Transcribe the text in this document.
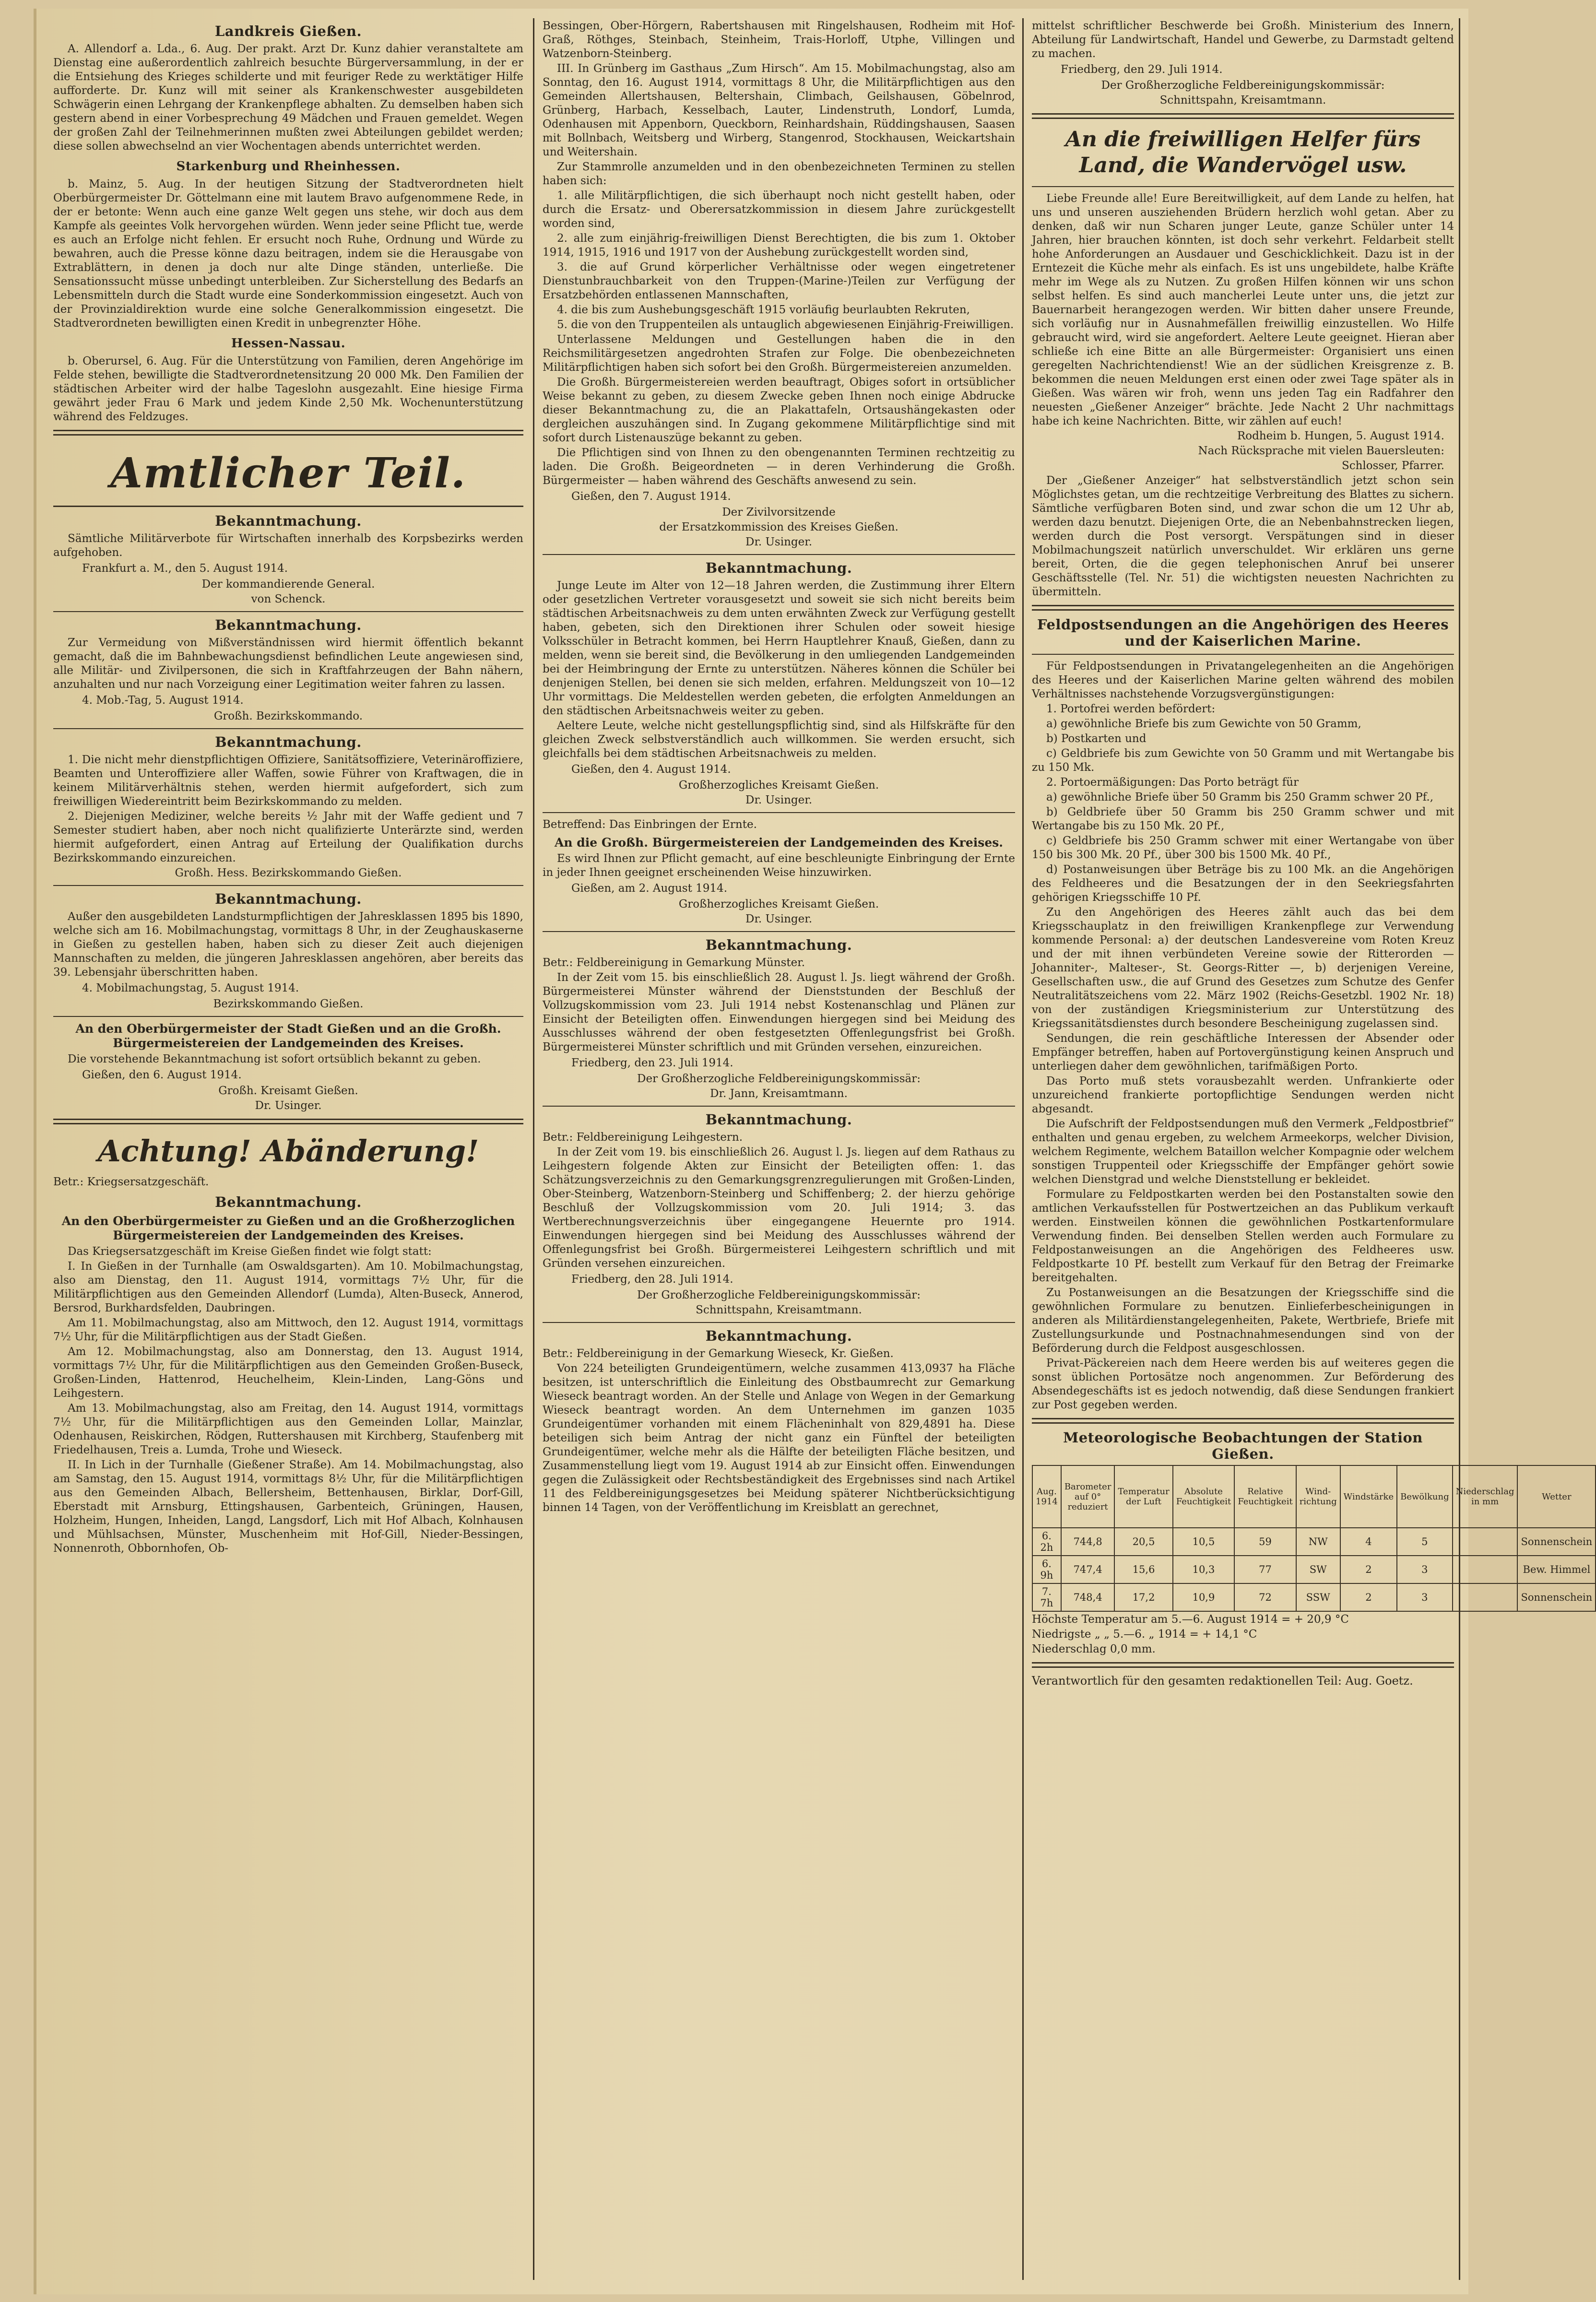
Landkreis Gießen.
A. Allendorf a. Lda., 6. Aug. Der prakt. Arzt Dr. Kunz dahier veranstaltete am Dienstag eine außerordentlich zahlreich besuchte Bürgerversammlung, in der er die Entsiehung des Krieges schilderte und mit feuriger Rede zu werktätiger Hilfe aufforderte. Dr. Kunz will mit seiner als Krankenschwester ausgebildeten Schwägerin einen Lehrgang der Krankenpflege abhalten. Zu demselben haben sich gestern abend in einer Vorbesprechung 49 Mädchen und Frauen gemeldet. Wegen der großen Zahl der Teilnehmerinnen mußten zwei Abteilungen gebildet werden; diese sollen abwechselnd an vier Wochentagen abends unterrichtet werden.
Starkenburg und Rheinhessen.
b. Mainz, 5. Aug. In der heutigen Sitzung der Stadtverordneten hielt Oberbürgermeister Dr. Göttelmann eine mit lautem Bravo aufgenommene Rede, in der er betonte: Wenn auch eine ganze Welt gegen uns stehe, wir doch aus dem Kampfe als geeintes Volk hervorgehen würden. Wenn jeder seine Pflicht tue, werde es auch an Erfolge nicht fehlen. Er ersucht noch Ruhe, Ordnung und Würde zu bewahren, auch die Presse könne dazu beitragen, indem sie die Herausgabe von Extrablättern, in denen ja doch nur alte Dinge ständen, unterließe. Die Sensationssucht müsse unbedingt unterbleiben. Zur Sicherstellung des Bedarfs an Lebensmitteln durch die Stadt wurde eine Sonderkommission eingesetzt. Auch von der Provinzialdirektion wurde eine solche Generalkommission eingesetzt. Die Stadtverordneten bewilligten einen Kredit in unbegrenzter Höhe.
Hessen-Nassau.
b. Oberursel, 6. Aug. Für die Unterstützung von Familien, deren Angehörige im Felde stehen, bewilligte die Stadtverordnetensitzung 20 000 Mk. Den Familien der städtischen Arbeiter wird der halbe Tageslohn ausgezahlt. Eine hiesige Firma gewährt jeder Frau 6 Mark und jedem Kinde 2,50 Mk. Wochenunterstützung während des Feldzuges.
Amtlicher Teil.
Bekanntmachung.
Sämtliche Militärverbote für Wirtschaften innerhalb des Korpsbezirks werden aufgehoben.
Frankfurt a. M., den 5. August 1914.
Der kommandierende General.
von Schenck.
Bekanntmachung.
Zur Vermeidung von Mißverständnissen wird hiermit öffentlich bekannt gemacht, daß die im Bahnbewachungsdienst befindlichen Leute angewiesen sind, alle Militär- und Zivilpersonen, die sich in Kraftfahrzeugen der Bahn nähern, anzuhalten und nur nach Vorzeigung einer Legitimation weiter fahren zu lassen.
4. Mob.-Tag, 5. August 1914.
Großh. Bezirkskommando.
Bekanntmachung.
1. Die nicht mehr dienstpflichtigen Offiziere, Sanitätsoffiziere, Veterinäroffiziere, Beamten und Unteroffiziere aller Waffen, sowie Führer von Kraftwagen, die in keinem Militärverhältnis stehen, werden hiermit aufgefordert, sich zum freiwilligen Wiedereintritt beim Bezirkskommando zu melden.
2. Diejenigen Mediziner, welche bereits ½ Jahr mit der Waffe gedient und 7 Semester studiert haben, aber noch nicht qualifizierte Unterärzte sind, werden hiermit aufgefordert, einen Antrag auf Erteilung der Qualifikation durchs Bezirkskommando einzureichen.
Großh. Hess. Bezirkskommando Gießen.
Bekanntmachung.
Außer den ausgebildeten Landsturmpflichtigen der Jahresklassen 1895 bis 1890, welche sich am 16. Mobilmachungstag, vormittags 8 Uhr, in der Zeughauskaserne in Gießen zu gestellen haben, haben sich zu dieser Zeit auch diejenigen Mannschaften zu melden, die jüngeren Jahresklassen angehören, aber bereits das 39. Lebensjahr überschritten haben.
4. Mobilmachungstag, 5. August 1914.
Bezirkskommando Gießen.
An den Oberbürgermeister der Stadt Gießen und an die Großh. Bürgermeistereien der Landgemeinden des Kreises.
Die vorstehende Bekanntmachung ist sofort ortsüblich bekannt zu geben.
Gießen, den 6. August 1914.
Großh. Kreisamt Gießen.
Dr. Usinger.
Achtung! Abänderung!
Betr.: Kriegsersatzgeschäft.
Bekanntmachung.
An den Oberbürgermeister zu Gießen und an die Großherzoglichen Bürgermeistereien der Landgemeinden des Kreises.
Das Kriegsersatzgeschäft im Kreise Gießen findet wie folgt statt:
I. In Gießen in der Turnhalle (am Oswaldsgarten). Am 10. Mobilmachungstag, also am Dienstag, den 11. August 1914, vormittags 7½ Uhr, für die Militärpflichtigen aus den Gemeinden Allendorf (Lumda), Alten-Buseck, Annerod, Bersrod, Burkhardsfelden, Daubringen.
Am 11. Mobilmachungstag, also am Mittwoch, den 12. August 1914, vormittags 7½ Uhr, für die Militärpflichtigen aus der Stadt Gießen.
Am 12. Mobilmachungstag, also am Donnerstag, den 13. August 1914, vormittags 7½ Uhr, für die Militärpflichtigen aus den Gemeinden Großen-Buseck, Großen-Linden, Hattenrod, Heuchelheim, Klein-Linden, Lang-Göns und Leihgestern.
Am 13. Mobilmachungstag, also am Freitag, den 14. August 1914, vormittags 7½ Uhr, für die Militärpflichtigen aus den Gemeinden Lollar, Mainzlar, Odenhausen, Reiskirchen, Rödgen, Ruttershausen mit Kirchberg, Staufenberg mit Friedelhausen, Treis a. Lumda, Trohe und Wieseck.
II. In Lich in der Turnhalle (Gießener Straße). Am 14. Mobilmachungstag, also am Samstag, den 15. August 1914, vormittags 8½ Uhr, für die Militärpflichtigen aus den Gemeinden Albach, Bellersheim, Bettenhausen, Birklar, Dorf-Gill, Eberstadt mit Arnsburg, Ettingshausen, Garbenteich, Grüningen, Hausen, Holzheim, Hungen, Inheiden, Langd, Langsdorf, Lich mit Hof Albach, Kolnhausen und Mühlsachsen, Münster, Muschenheim mit Hof-Gill, Nieder-Bessingen, Nonnenroth, Obbornhofen, Ob-
Bessingen, Ober-Hörgern, Rabertshausen mit Ringelshausen, Rodheim mit Hof-Graß, Röthges, Steinbach, Steinheim, Trais-Horloff, Utphe, Villingen und Watzenborn-Steinberg.
III. In Grünberg im Gasthaus „Zum Hirsch“. Am 15. Mobilmachungstag, also am Sonntag, den 16. August 1914, vormittags 8 Uhr, die Militärpflichtigen aus den Gemeinden Allertshausen, Beltershain, Climbach, Geilshausen, Göbelnrod, Grünberg, Harbach, Kesselbach, Lauter, Lindenstruth, Londorf, Lumda, Odenhausen mit Appenborn, Queckborn, Reinhardshain, Rüddingshausen, Saasen mit Bollnbach, Weitsberg und Wirberg, Stangenrod, Stockhausen, Weickartshain und Weitershain.
Zur Stammrolle anzumelden und in den obenbezeichneten Terminen zu stellen haben sich:
1. alle Militärpflichtigen, die sich überhaupt noch nicht gestellt haben, oder durch die Ersatz- und Oberersatzkommission in diesem Jahre zurückgestellt worden sind,
2. alle zum einjährig-freiwilligen Dienst Berechtigten, die bis zum 1. Oktober 1914, 1915, 1916 und 1917 von der Aushebung zurückgestellt worden sind,
3. die auf Grund körperlicher Verhältnisse oder wegen eingetretener Dienstunbrauchbarkeit von den Truppen-(Marine-)Teilen zur Verfügung der Ersatzbehörden entlassenen Mannschaften,
4. die bis zum Aushebungsgeschäft 1915 vorläufig beurlaubten Rekruten,
5. die von den Truppenteilen als untauglich abgewiesenen Einjährig-Freiwilligen.
Unterlassene Meldungen und Gestellungen haben die in den Reichsmilitärgesetzen angedrohten Strafen zur Folge. Die obenbezeichneten Militärpflichtigen haben sich sofort bei den Großh. Bürgermeistereien anzumelden.
Die Großh. Bürgermeistereien werden beauftragt, Obiges sofort in ortsüblicher Weise bekannt zu geben, zu diesem Zwecke geben Ihnen noch einige Abdrucke dieser Bekanntmachung zu, die an Plakattafeln, Ortsaushängekasten oder dergleichen auszuhängen sind. In Zugang gekommene Militärpflichtige sind mit sofort durch Listenauszüge bekannt zu geben.
Die Pflichtigen sind von Ihnen zu den obengenannten Terminen rechtzeitig zu laden. Die Großh. Beigeordneten — in deren Verhinderung die Großh. Bürgermeister — haben während des Geschäfts anwesend zu sein.
Gießen, den 7. August 1914.
Der Zivilvorsitzende
der Ersatzkommission des Kreises Gießen.
Dr. Usinger.
Bekanntmachung.
Junge Leute im Alter von 12—18 Jahren werden, die Zustimmung ihrer Eltern oder gesetzlichen Vertreter vorausgesetzt und soweit sie sich nicht bereits beim städtischen Arbeitsnachweis zu dem unten erwähnten Zweck zur Verfügung gestellt haben, gebeten, sich den Direktionen ihrer Schulen oder soweit hiesige Volksschüler in Betracht kommen, bei Herrn Hauptlehrer Knauß, Gießen, dann zu melden, wenn sie bereit sind, die Bevölkerung in den umliegenden Landgemeinden bei der Heimbringung der Ernte zu unterstützen. Näheres können die Schüler bei denjenigen Stellen, bei denen sie sich melden, erfahren. Meldungszeit von 10—12 Uhr vormittags. Die Meldestellen werden gebeten, die erfolgten Anmeldungen an den städtischen Arbeitsnachweis weiter zu geben.
Aeltere Leute, welche nicht gestellungspflichtig sind, sind als Hilfskräfte für den gleichen Zweck selbstverständlich auch willkommen. Sie werden ersucht, sich gleichfalls bei dem städtischen Arbeitsnachweis zu melden.
Gießen, den 4. August 1914.
Großherzogliches Kreisamt Gießen.
Dr. Usinger.
Betreffend: Das Einbringen der Ernte.
An die Großh. Bürgermeistereien der Landgemeinden des Kreises.
Es wird Ihnen zur Pflicht gemacht, auf eine beschleunigte Einbringung der Ernte in jeder Ihnen geeignet erscheinenden Weise hinzuwirken.
Gießen, am 2. August 1914.
Großherzogliches Kreisamt Gießen.
Dr. Usinger.
Bekanntmachung.
Betr.: Feldbereinigung in Gemarkung Münster.
In der Zeit vom 15. bis einschließlich 28. August l. Js. liegt während der Großh. Bürgermeisterei Münster während der Dienststunden der Beschluß der Vollzugskommission vom 23. Juli 1914 nebst Kostenanschlag und Plänen zur Einsicht der Beteiligten offen. Einwendungen hiergegen sind bei Meidung des Ausschlusses während der oben festgesetzten Offenlegungsfrist bei Großh. Bürgermeisterei Münster schriftlich und mit Gründen versehen, einzureichen.
Friedberg, den 23. Juli 1914.
Der Großherzogliche Feldbereinigungskommissär:
Dr. Jann, Kreisamtmann.
Bekanntmachung.
Betr.: Feldbereinigung Leihgestern.
In der Zeit vom 19. bis einschließlich 26. August l. Js. liegen auf dem Rathaus zu Leihgestern folgende Akten zur Einsicht der Beteiligten offen: 1. das Schätzungsverzeichnis zu den Gemarkungsgrenzregulierungen mit Großen-Linden, Ober-Steinberg, Watzenborn-Steinberg und Schiffenberg; 2. der hierzu gehörige Beschluß der Vollzugskommission vom 20. Juli 1914; 3. das Wertberechnungsverzeichnis über eingegangene Heuernte pro 1914. Einwendungen hiergegen sind bei Meidung des Ausschlusses während der Offenlegungsfrist bei Großh. Bürgermeisterei Leihgestern schriftlich und mit Gründen versehen einzureichen.
Friedberg, den 28. Juli 1914.
Der Großherzogliche Feldbereinigungskommissär:
Schnittspahn, Kreisamtmann.
Bekanntmachung.
Betr.: Feldbereinigung in der Gemarkung Wieseck, Kr. Gießen.
Von 224 beteiligten Grundeigentümern, welche zusammen 413,0937 ha Fläche besitzen, ist unterschriftlich die Einleitung des Obstbaumrecht zur Gemarkung Wieseck beantragt worden. An der Stelle und Anlage von Wegen in der Gemarkung Wieseck beantragt worden. An dem Unternehmen im ganzen 1035 Grundeigentümer vorhanden mit einem Flächeninhalt von 829,4891 ha. Diese beteiligen sich beim Antrag der nicht ganz ein Fünftel der beteiligten Grundeigentümer, welche mehr als die Hälfte der beteiligten Fläche besitzen, und Zusammenstellung liegt vom 19. August 1914 ab zur Einsicht offen. Einwendungen gegen die Zulässigkeit oder Rechtsbeständigkeit des Ergebnisses sind nach Artikel 11 des Feldbereinigungsgesetzes bei Meidung späterer Nichtberücksichtigung binnen 14 Tagen, von der Veröffentlichung im Kreisblatt an gerechnet,
mittelst schriftlicher Beschwerde bei Großh. Ministerium des Innern, Abteilung für Landwirtschaft, Handel und Gewerbe, zu Darmstadt geltend zu machen.
Friedberg, den 29. Juli 1914.
Der Großherzogliche Feldbereinigungskommissär:
Schnittspahn, Kreisamtmann.
An die freiwilligen Helfer fürs Land, die Wandervögel usw.
Liebe Freunde alle! Eure Bereitwilligkeit, auf dem Lande zu helfen, hat uns und unseren ausziehenden Brüdern herzlich wohl getan. Aber zu denken, daß wir nun Scharen junger Leute, ganze Schüler unter 14 Jahren, hier brauchen könnten, ist doch sehr verkehrt. Feldarbeit stellt hohe Anforderungen an Ausdauer und Geschicklichkeit. Dazu ist in der Erntezeit die Küche mehr als einfach. Es ist uns ungebildete, halbe Kräfte mehr im Wege als zu Nutzen. Zu großen Hilfen können wir uns schon selbst helfen. Es sind auch mancherlei Leute unter uns, die jetzt zur Bauernarbeit herangezogen werden. Wir bitten daher unsere Freunde, sich vorläufig nur in Ausnahmefällen freiwillig einzustellen. Wo Hilfe gebraucht wird, wird sie angefordert. Aeltere Leute geeignet. Hieran aber schließe ich eine Bitte an alle Bürgermeister: Organisiert uns einen geregelten Nachrichtendienst! Wie an der südlichen Kreisgrenze z. B. bekommen die neuen Meldungen erst einen oder zwei Tage später als in Gießen. Was wären wir froh, wenn uns jeden Tag ein Radfahrer den neuesten „Gießener Anzeiger“ brächte. Jede Nacht 2 Uhr nachmittags habe ich keine Nachrichten. Bitte, wir zählen auf euch!
Rodheim b. Hungen, 5. August 1914.
Nach Rücksprache mit vielen Bauersleuten:
Schlosser, Pfarrer.
Der „Gießener Anzeiger“ hat selbstverständlich jetzt schon sein Möglichstes getan, um die rechtzeitige Verbreitung des Blattes zu sichern. Sämtliche verfügbaren Boten sind, und zwar schon die um 12 Uhr ab, werden dazu benutzt. Diejenigen Orte, die an Nebenbahnstrecken liegen, werden durch die Post versorgt. Verspätungen sind in dieser Mobilmachungszeit natürlich unverschuldet. Wir erklären uns gerne bereit, Orten, die die gegen telephonischen Anruf bei unserer Geschäftsstelle (Tel. Nr. 51) die wichtigsten neuesten Nachrichten zu übermitteln.
Feldpostsendungen an die Angehörigen des Heeres und der Kaiserlichen Marine.
Für Feldpostsendungen in Privatangelegenheiten an die Angehörigen des Heeres und der Kaiserlichen Marine gelten während des mobilen Verhältnisses nachstehende Vorzugsvergünstigungen:
1. Portofrei werden befördert:
a) gewöhnliche Briefe bis zum Gewichte von 50 Gramm,
b) Postkarten und
c) Geldbriefe bis zum Gewichte von 50 Gramm und mit Wertangabe bis zu 150 Mk.
2. Portoermäßigungen: Das Porto beträgt für
a) gewöhnliche Briefe über 50 Gramm bis 250 Gramm schwer 20 Pf.,
b) Geldbriefe über 50 Gramm bis 250 Gramm schwer und mit Wertangabe bis zu 150 Mk. 20 Pf.,
c) Geldbriefe bis 250 Gramm schwer mit einer Wertangabe von über 150 bis 300 Mk. 20 Pf., über 300 bis 1500 Mk. 40 Pf.,
d) Postanweisungen über Beträge bis zu 100 Mk. an die Angehörigen des Feldheeres und die Besatzungen der in den Seekriegsfahrten gehörigen Kriegsschiffe 10 Pf.
Zu den Angehörigen des Heeres zählt auch das bei dem Kriegsschauplatz in den freiwilligen Krankenpflege zur Verwendung kommende Personal: a) der deutschen Landesvereine vom Roten Kreuz und der mit ihnen verbündeten Vereine sowie der Ritterorden — Johanniter-, Malteser-, St. Georgs-Ritter —, b) derjenigen Vereine, Gesellschaften usw., die auf Grund des Gesetzes zum Schutze des Genfer Neutralitätszeichens vom 22. März 1902 (Reichs-Gesetzbl. 1902 Nr. 18) von der zuständigen Kriegsministerium zur Unterstützung des Kriegssanitätsdienstes durch besondere Bescheinigung zugelassen sind.
Sendungen, die rein geschäftliche Interessen der Absender oder Empfänger betreffen, haben auf Portovergünstigung keinen Anspruch und unterliegen daher dem gewöhnlichen, tarifmäßigen Porto.
Das Porto muß stets vorausbezahlt werden. Unfrankierte oder unzureichend frankierte portopflichtige Sendungen werden nicht abgesandt.
Die Aufschrift der Feldpostsendungen muß den Vermerk „Feldpostbrief“ enthalten und genau ergeben, zu welchem Armeekorps, welcher Division, welchem Regimente, welchem Bataillon welcher Kompagnie oder welchem sonstigen Truppenteil oder Kriegsschiffe der Empfänger gehört sowie welchen Dienstgrad und welche Dienststellung er bekleidet.
Formulare zu Feldpostkarten werden bei den Postanstalten sowie den amtlichen Verkaufsstellen für Postwertzeichen an das Publikum verkauft werden. Einstweilen können die gewöhnlichen Postkartenformulare Verwendung finden. Bei denselben Stellen werden auch Formulare zu Feldpostanweisungen an die Angehörigen des Feldheeres usw. Feldpostkarte 10 Pf. bestellt zum Verkauf für den Betrag der Freimarke bereitgehalten.
Zu Postanweisungen an die Besatzungen der Kriegsschiffe sind die gewöhnlichen Formulare zu benutzen. Einlieferbescheinigungen in anderen als Militärdienstangelegenheiten, Pakete, Wertbriefe, Briefe mit Zustellungsurkunde und Postnachnahmesendungen sind von der Beförderung durch die Feldpost ausgeschlossen.
Privat-Päckereien nach dem Heere werden bis auf weiteres gegen die sonst üblichen Portosätze noch angenommen. Zur Beförderung des Absendegeschäfts ist es jedoch notwendig, daß diese Sendungen frankiert zur Post gegeben werden.
Meteorologische Beobachtungen der Station Gießen.
Aug. 1914	Barometer auf 0° reduziert	Temperatur der Luft	Absolute Feuchtigkeit	Relative Feuchtigkeit	Wind-richtung	Windstärke	Bewölkung	Niederschlag in mm	Wetter
6. 2h	744,8	20,5	10,5	59	NW	4	5		Sonnenschein
6. 9h	747,4	15,6	10,3	77	SW	2	3		Bew. Himmel
7. 7h	748,4	17,2	10,9	72	SSW	2	3		Sonnenschein
Höchste Temperatur am 5.—6. August 1914 = + 20,9 °C
Niedrigste „ „ 5.—6. „ 1914 = + 14,1 °C
Niederschlag 0,0 mm.
Verantwortlich für den gesamten redaktionellen Teil: Aug. Goetz.
